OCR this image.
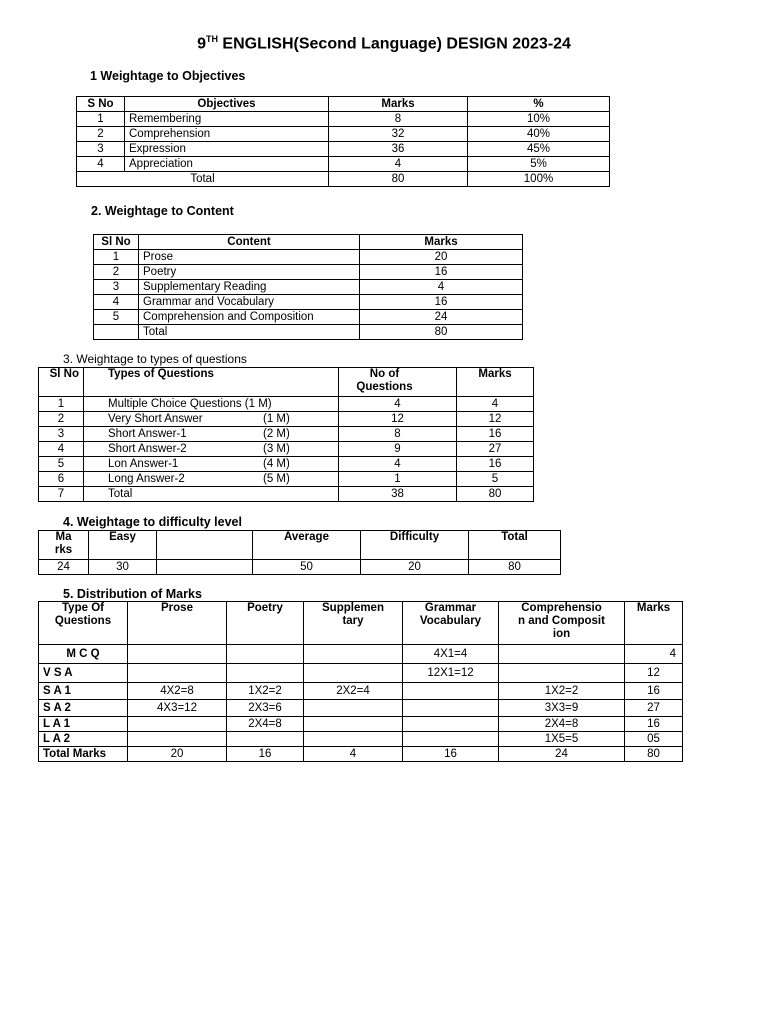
9TH ENGLISH(Second Language) DESIGN 2023-24
1 Weightage to Objectives
S No	Objectives	Marks	%
1	Remembering	8	10%
2	Comprehension	32	40%
3	Expression	36	45%
4	Appreciation	4	5%
Total		80	100%
2. Weightage to Content
Sl No	Content	Marks
1	Prose	20
2	Poetry	16
3	Supplementary Reading	4
4	Grammar and Vocabulary	16
5	Comprehension and Composition	24
	Total	80
3. Weightage to types of questions
Sl No	Types of Questions	No of Questions	Marks
1	Multiple Choice Questions (1 M)	4	4
2	Very Short Answer (1 M)	12	12
3	Short Answer-1 (2 M)	8	16
4	Short Answer-2 (3 M)	9	27
5	Lon Answer-1 (4 M)	4	16
6	Long Answer-2 (5 M)	1	5
7	Total	38	80
4. Weightage to difficulty level
Ma rks	Easy		Average	Difficulty	Total
24	30		50	20	80
5. Distribution of Marks
Type Of Questions	Prose	Poetry	Supplemen tary	Grammar Vocabulary	Comprehensio n and Composition	Marks
M C Q				4X1=4		4
V S A				12X1=12		12
S A 1	4X2=8	1X2=2	2X2=4		1X2=2	16
S A 2	4X3=12	2X3=6			3X3=9	27
L A 1		2X4=8			2X4=8	16
L A 2					1X5=5	05
Total Marks	20	16	4	16	24	80
